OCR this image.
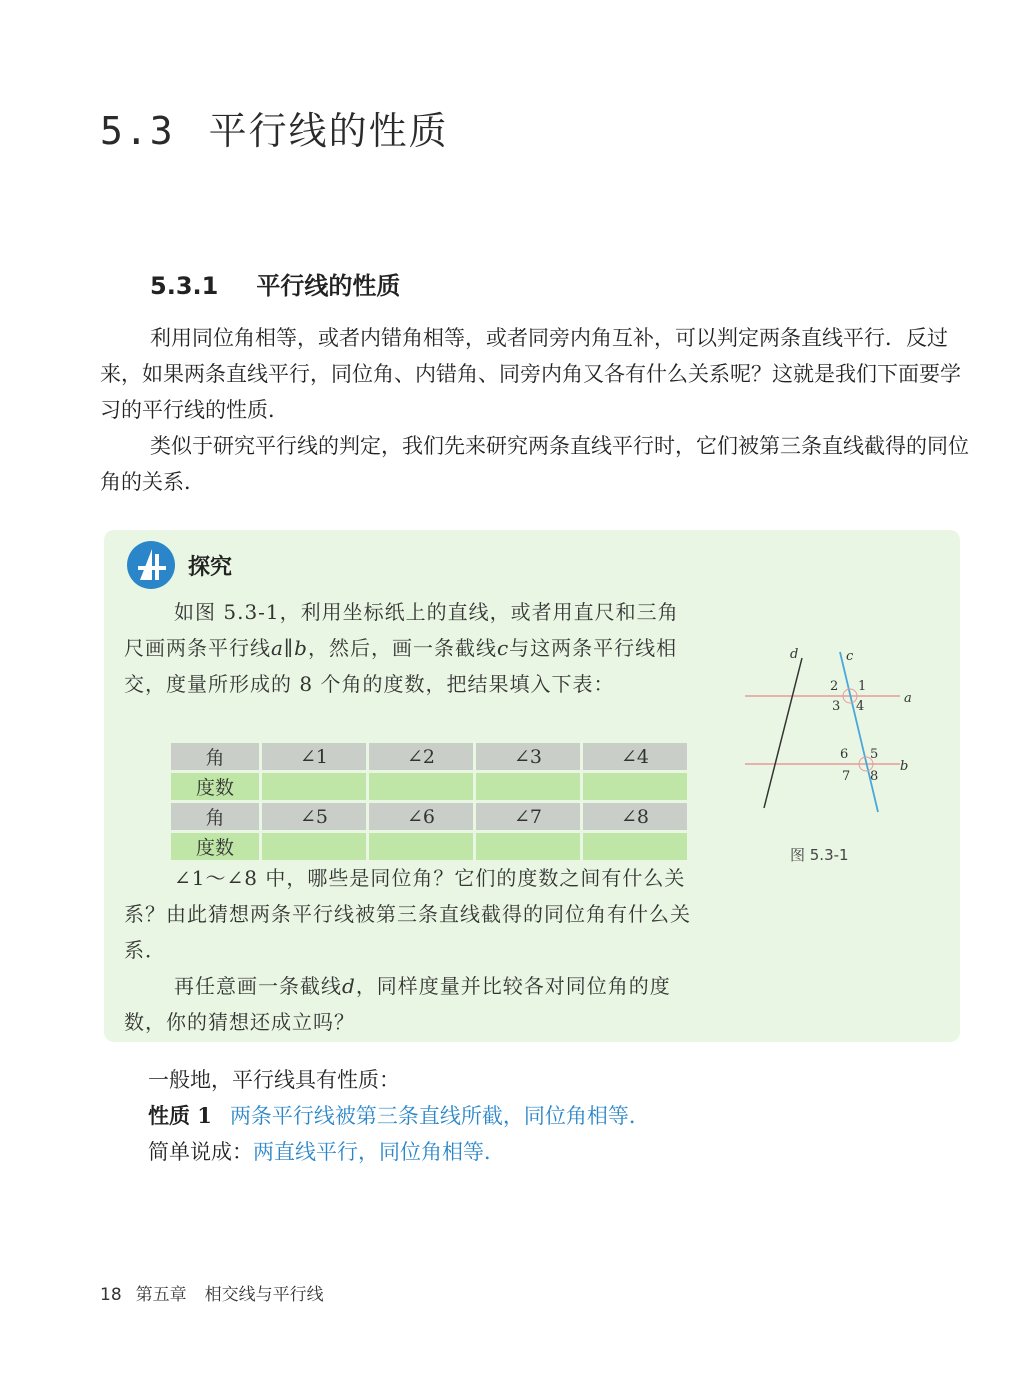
5.3 平行线的性质
5.3.1 平行线的性质
利用同位角相等，或者内错角相等，或者同旁内角互补，可以判定两条直线平行．反过来，如果两条直线平行，同位角、内错角、同旁内角又各有什么关系呢？这就是我们下面要学习的平行线的性质．
类似于研究平行线的判定，我们先来研究两条直线平行时，它们被第三条直线截得的同位角的关系．
探究
如图 5.3-1，利用坐标纸上的直线，或者用直尺和三角尺画两条平行线a∥b，然后，画一条截线c与这两条平行线相交，度量所形成的 8 个角的度数，把结果填入下表：
角	∠1	∠2	∠3	∠4
度数				
角	∠5	∠6	∠7	∠8
度数				
∠1～∠8 中，哪些是同位角？它们的度数之间有什么关系？由此猜想两条平行线被第三条直线截得的同位角有什么关系．
再任意画一条截线d，同样度量并比较各对同位角的度数，你的猜想还成立吗？
d	c
a
b
2 1
3 4
6 5
7 8
图 5.3-1
一般地，平行线具有性质：
性质 1 两条平行线被第三条直线所截，同位角相等．
简单说成：两直线平行，同位角相等．
18 第五章 相交线与平行线
